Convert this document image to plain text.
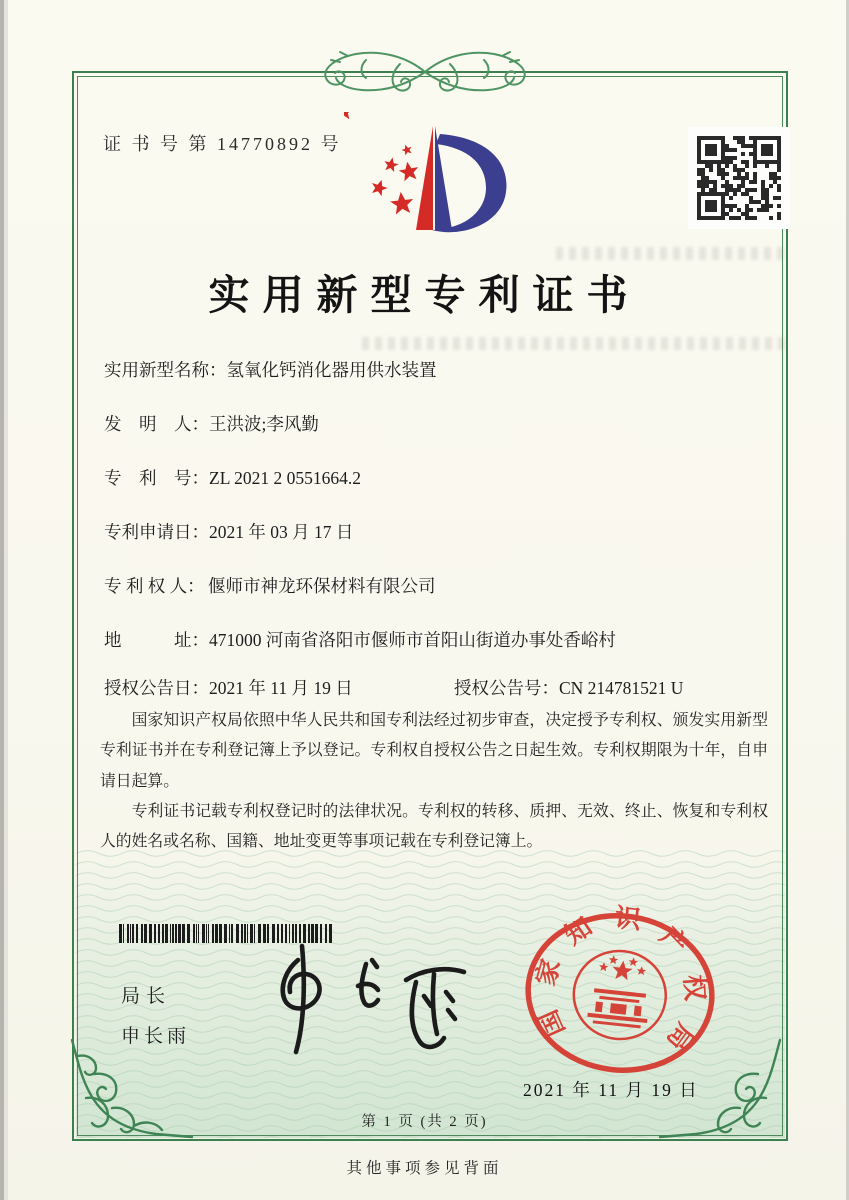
证 书 号 第 14770892 号
实用新型专利证书
实用新型名称：氢氧化钙消化器用供水装置
发　明　人：王洪波;李风勤
专　利　号：ZL 2021 2 0551664.2
专利申请日：2021 年 03 月 17 日
专 利 权 人： 偃师市神龙环保材料有限公司
地　　　址：471000 河南省洛阳市偃师市首阳山街道办事处香峪村
授权公告日：2021 年 11 月 19 日	授权公告号：CN 214781521 U

国家知识产权局依照中华人民共和国专利法经过初步审查，决定授予专利权、颁发实用新型专利证书并在专利登记簿上予以登记。专利权自授权公告之日起生效。专利权期限为十年，自申请日起算。

专利证书记载专利权登记时的法律状况。专利权的转移、质押、无效、终止、恢复和专利权人的姓名或名称、国籍、地址变更等事项记载在专利登记簿上。

局长
申长雨	国
家
知 识
产
权
局
2021 年 11 月 19 日
第 1 页 (共 2 页)
其他事项参见背面
